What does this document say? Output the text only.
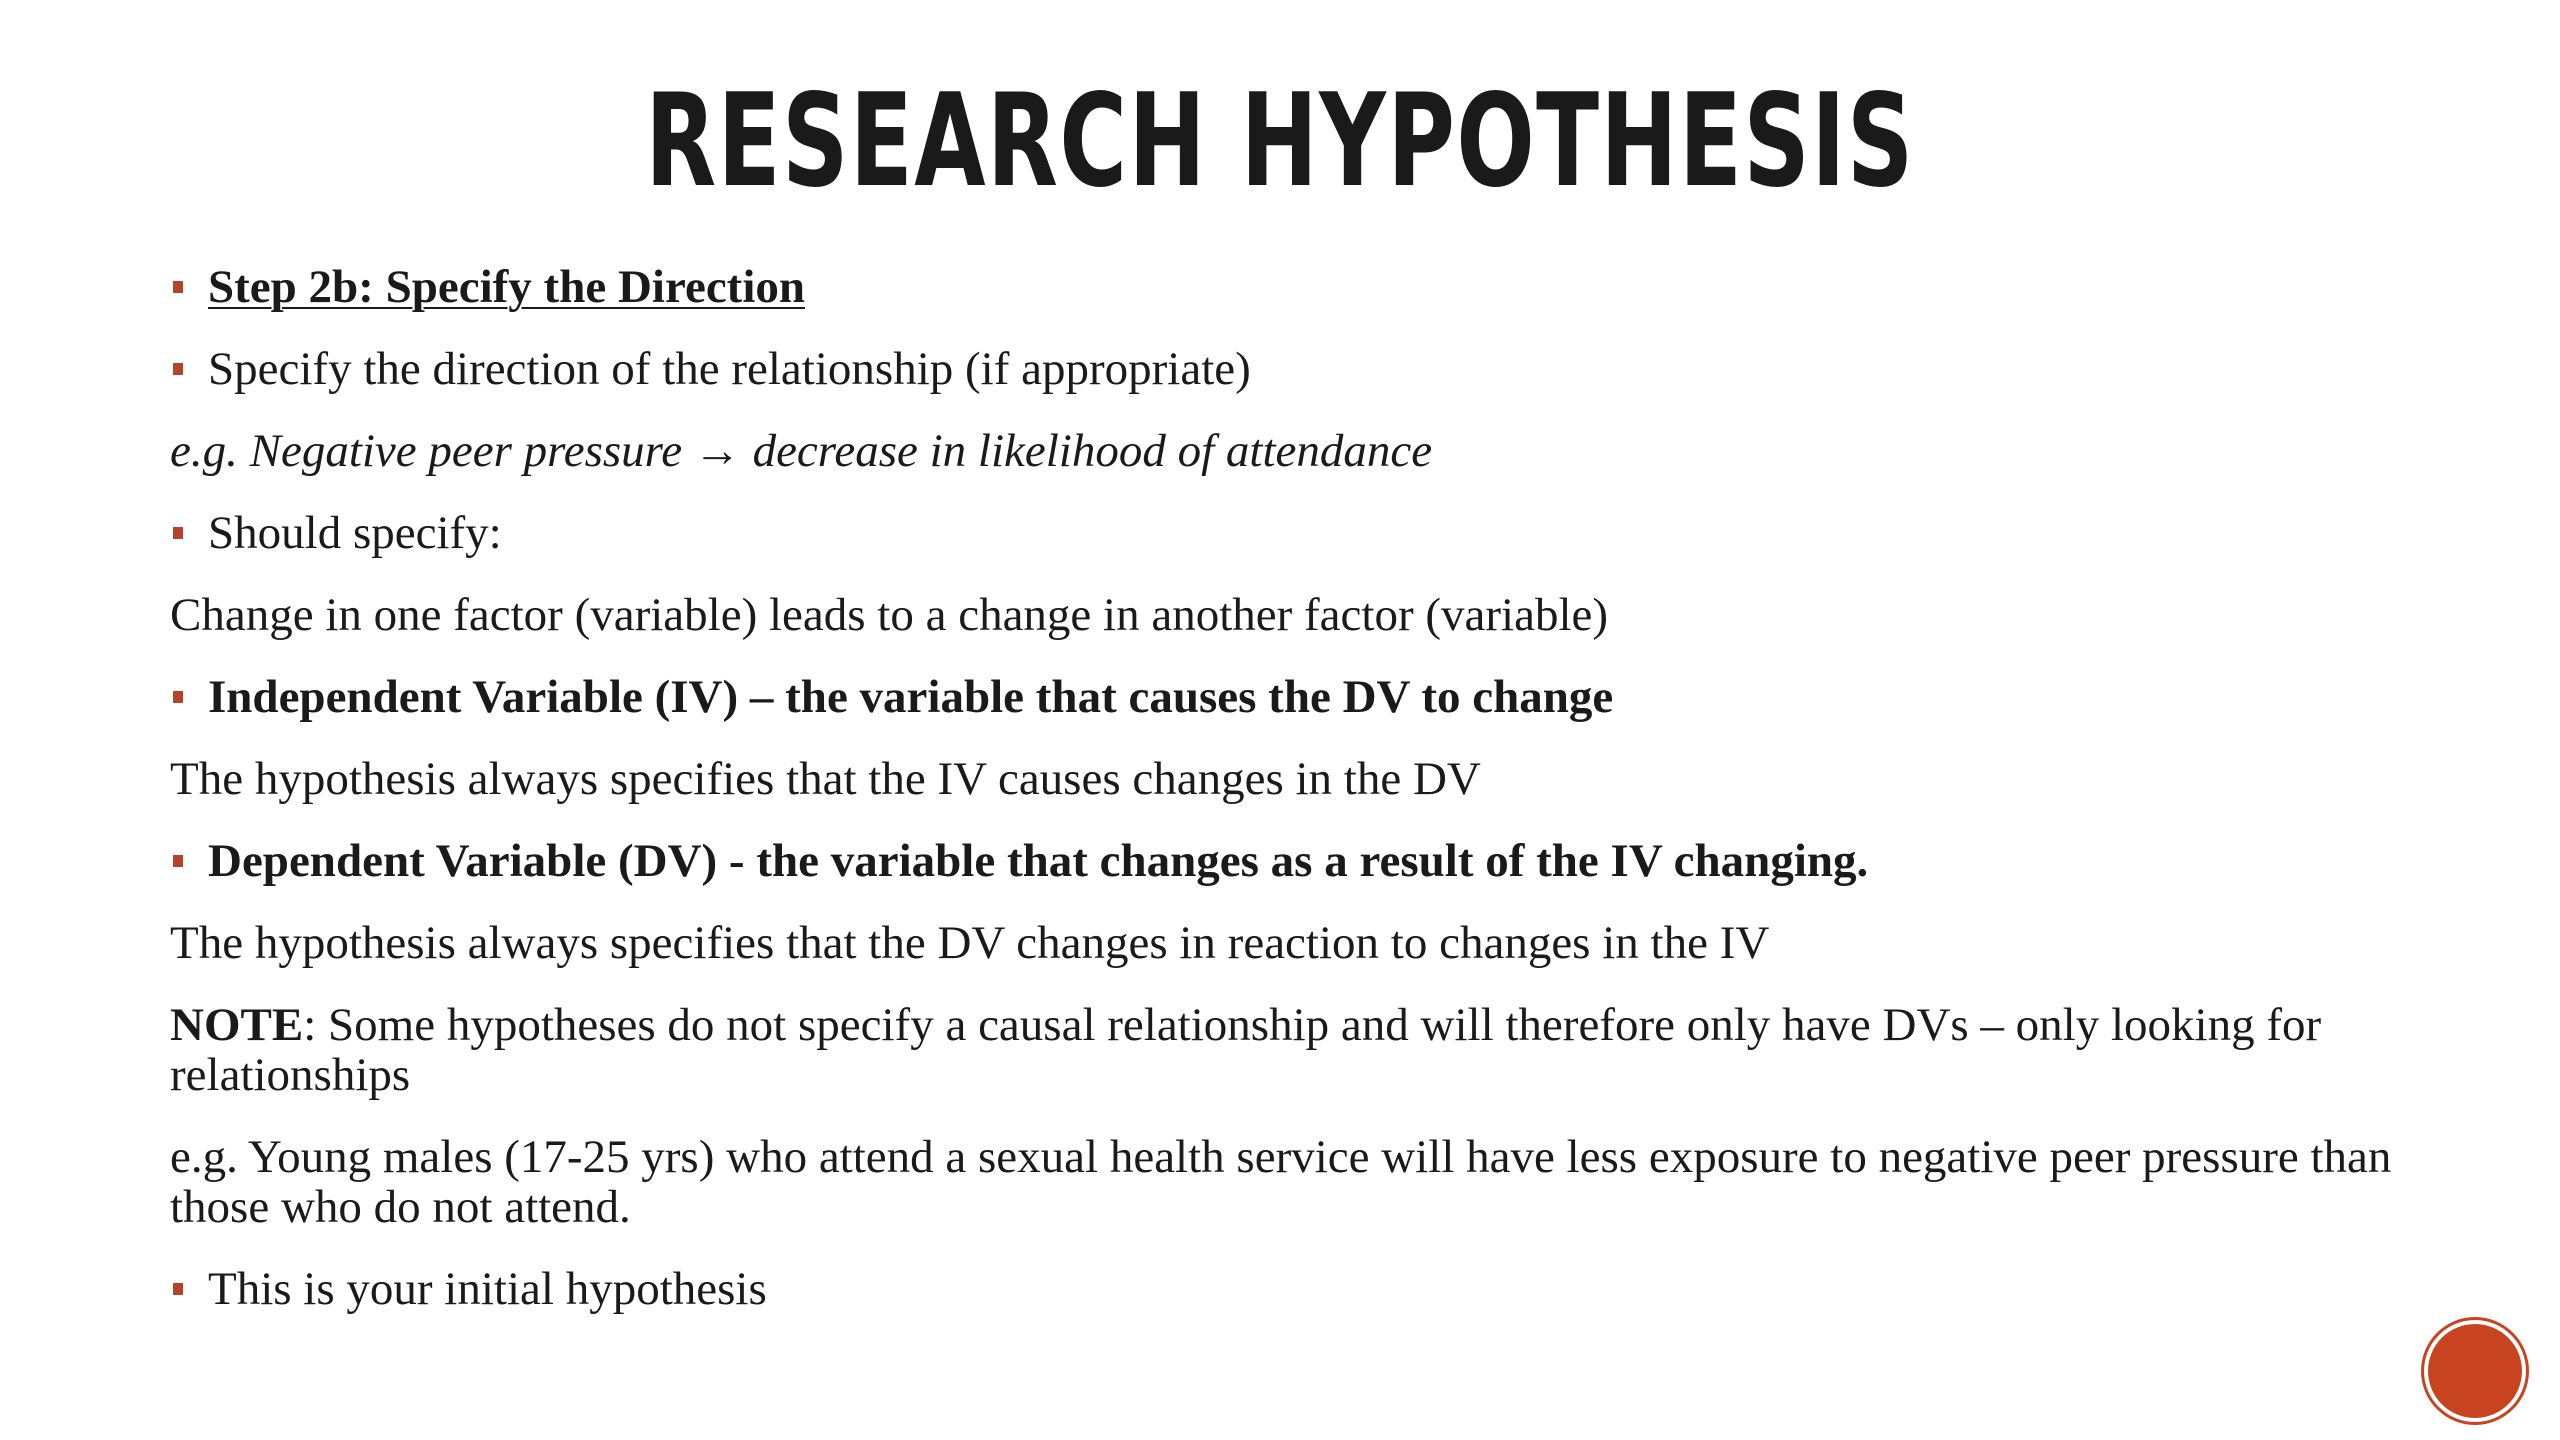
RESEARCH HYPOTHESIS
Step 2b: Specify the Direction
Specify the direction of the relationship (if appropriate)
e.g. Negative peer pressure → decrease in likelihood of attendance
Should specify:
Change in one factor (variable) leads to a change in another factor (variable)
Independent Variable (IV) – the variable that causes the DV to change
The hypothesis always specifies that the IV causes changes in the DV
Dependent Variable (DV) - the variable that changes as a result of the IV changing.
The hypothesis always specifies that the DV changes in reaction to changes in the IV
NOTE: Some hypotheses do not specify a causal relationship and will therefore only have DVs – only looking for relationships
e.g. Young males (17-25 yrs) who attend a sexual health service will have less exposure to negative peer pressure than those who do not attend.
This is your initial hypothesis
